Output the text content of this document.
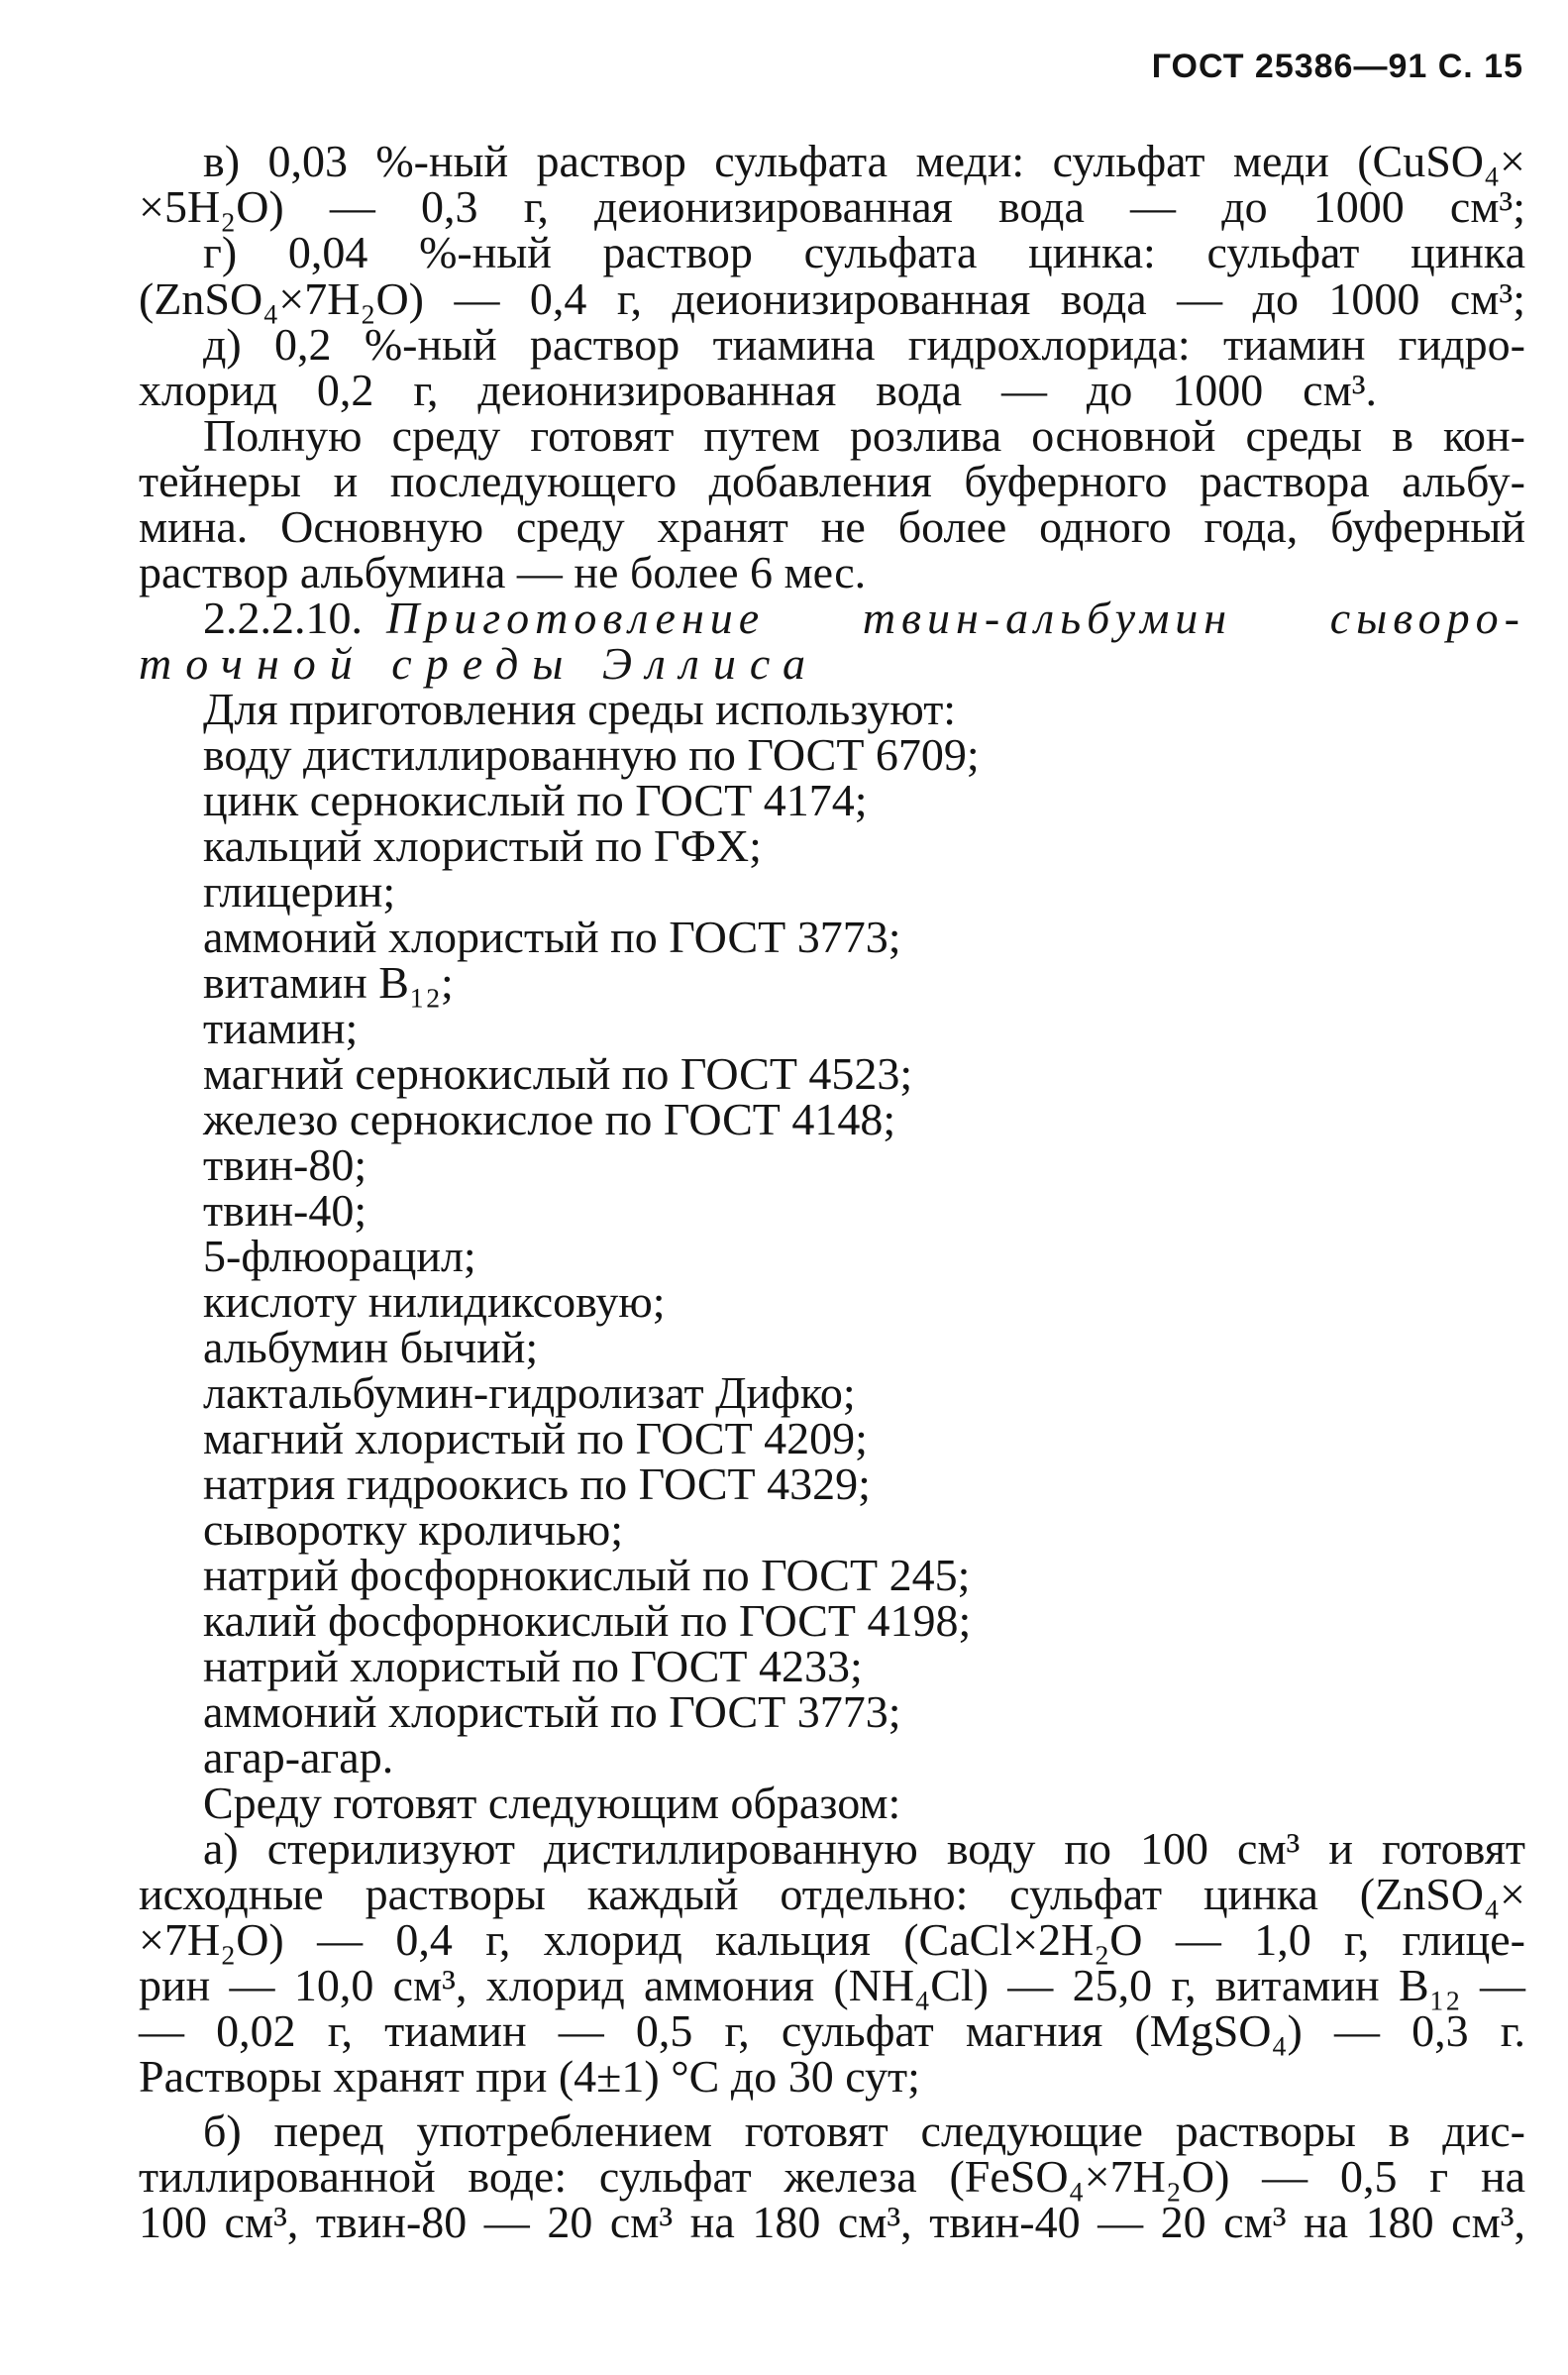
ГОСТ 25386—91 С. 15
в) 0,03 %-ный раствор сульфата меди: сульфат меди (CuSO₄×
×5H₂O) — 0,3 г, деионизированная вода — до 1000 см³;
г) 0,04 %-ный раствор сульфата цинка: сульфат цинка
(ZnSO₄×7H₂O) — 0,4 г, деионизированная вода — до 1000 см³;
д) 0,2 %-ный раствор тиамина гидрохлорида: тиамин гидро-
хлорид 0,2 г, деионизированная вода — до 1000 см³.
Полную среду готовят путем розлива основной среды в кон-
тейнеры и последующего добавления буферного раствора альбу-
мина. Основную среду хранят не более одного года, буферный
раствор альбумина — не более 6 мес.
2.2.2.10. Приготовление твин-альбумин сыворо-
точной среды Эллиса
Для приготовления среды используют:
воду дистиллированную по ГОСТ 6709;
цинк сернокислый по ГОСТ 4174;
кальций хлористый по ГФХ;
глицерин;
аммоний хлористый по ГОСТ 3773;
витамин B₁₂;
тиамин;
магний сернокислый по ГОСТ 4523;
железо сернокислое по ГОСТ 4148;
твин-80;
твин-40;
5-флюорацил;
кислоту нилидиксовую;
альбумин бычий;
лактальбумин-гидролизат Дифко;
магний хлористый по ГОСТ 4209;
натрия гидроокись по ГОСТ 4329;
сыворотку кроличью;
натрий фосфорнокислый по ГОСТ 245;
калий фосфорнокислый по ГОСТ 4198;
натрий хлористый по ГОСТ 4233;
аммоний хлористый по ГОСТ 3773;
агар-агар.
Среду готовят следующим образом:
а) стерилизуют дистиллированную воду по 100 см³ и готовят
исходные растворы каждый отдельно: сульфат цинка (ZnSO₄×
×7H₂O) — 0,4 г, хлорид кальция (CaCl×2H₂O — 1,0 г, глице-
рин — 10,0 см³, хлорид аммония (NH₄Cl) — 25,0 г, витамин B₁₂ —
— 0,02 г, тиамин — 0,5 г, сульфат магния (MgSO₄) — 0,3 г.
Растворы хранят при (4±1) °С до 30 сут;
б) перед употреблением готовят следующие растворы в дис-
тиллированной воде: сульфат железа (FeSO₄×7H₂O) — 0,5 г на
100 см³, твин-80 — 20 см³ на 180 см³, твин-40 — 20 см³ на 180 см³,
